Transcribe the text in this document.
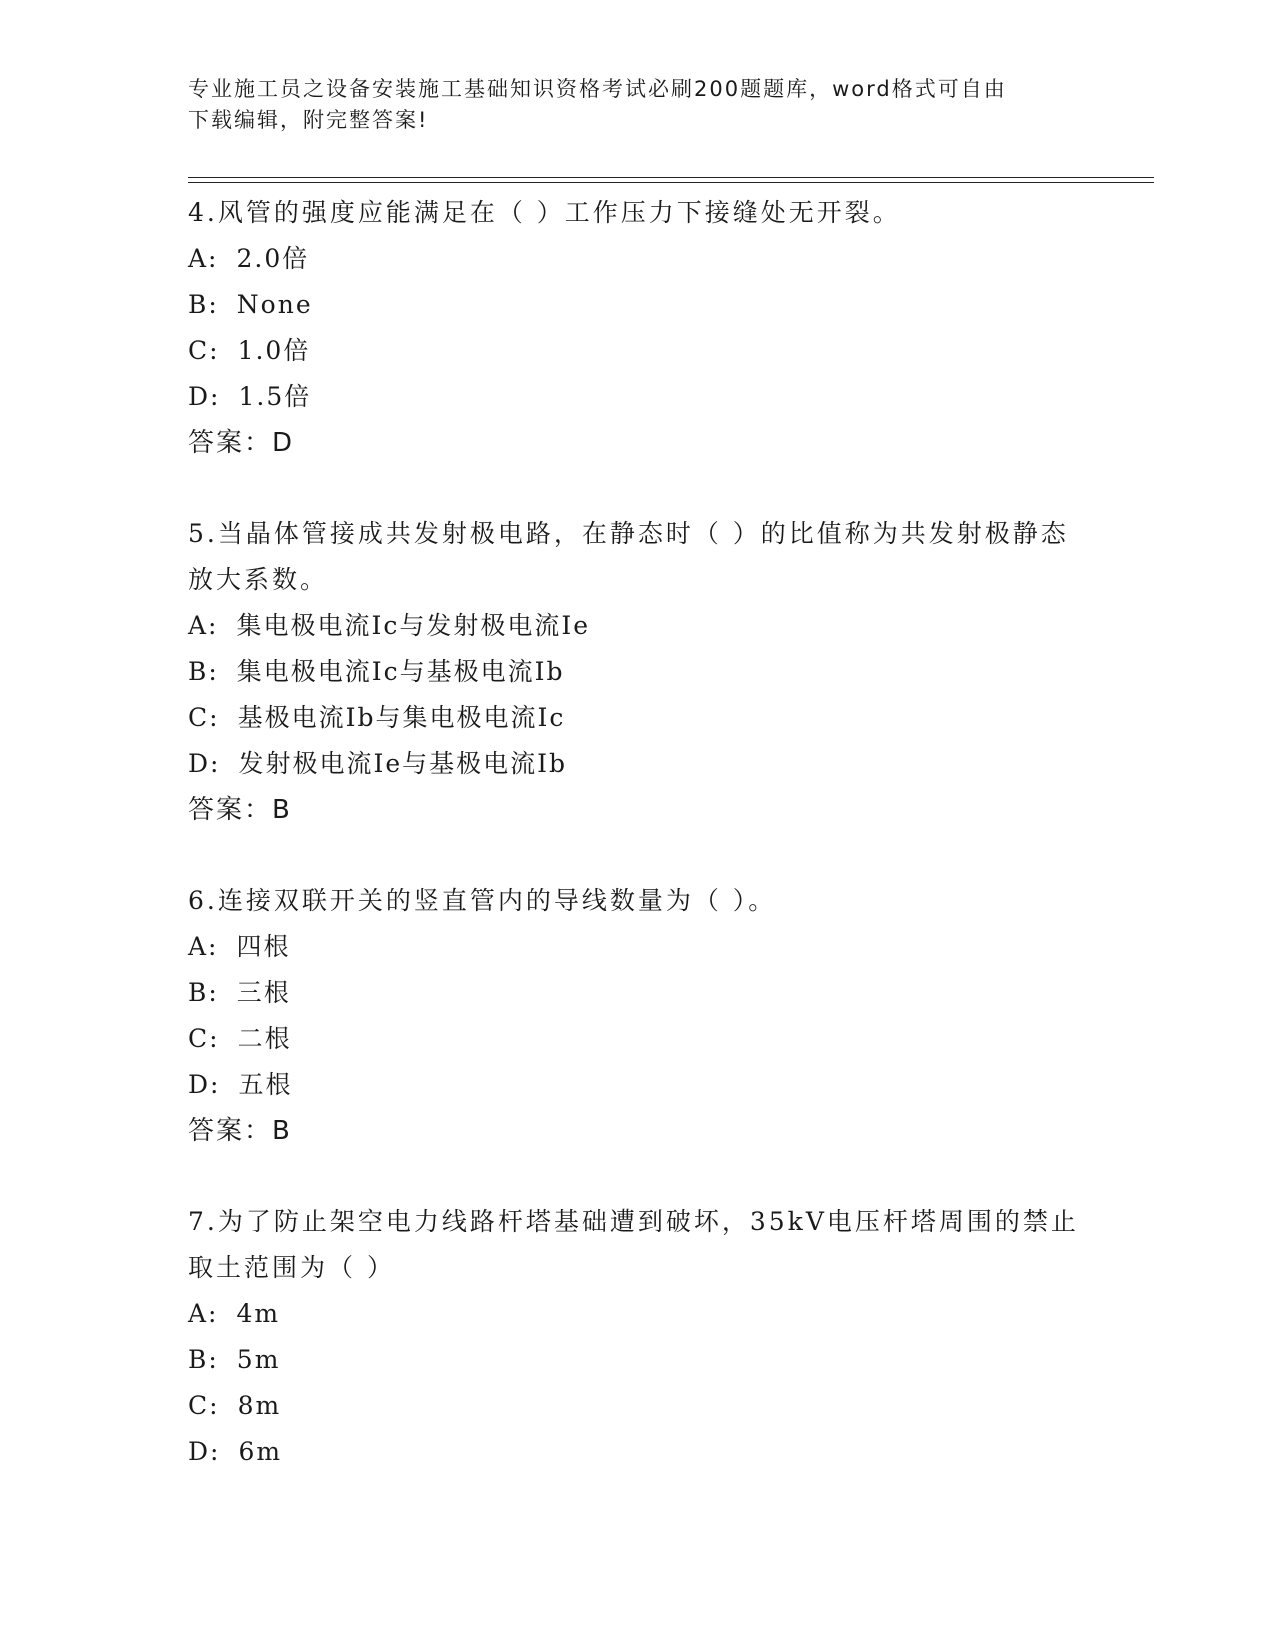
专业施工员之设备安装施工基础知识资格考试必刷200题题库，word格式可自由
下载编辑，附完整答案!

4.风管的强度应能满足在（ ）工作压力下接缝处无开裂。

A: 2.0倍

B: None

C: 1.0倍

D: 1.5倍

答案：D

5.当晶体管接成共发射极电路，在静态时（ ）的比值称为共发射极静态放大系数。

A: 集电极电流Ic与发射极电流Ie

B: 集电极电流Ic与基极电流Ib

C: 基极电流Ib与集电极电流Ic

D: 发射极电流Ie与基极电流Ib

答案：B

6.连接双联开关的竖直管内的导线数量为（ ）。

A: 四根

B: 三根

C: 二根

D: 五根

答案：B

7.为了防止架空电力线路杆塔基础遭到破坏，35kV电压杆塔周围的禁止取土范围为（ ）

A: 4m

B: 5m

C: 8m

D: 6m
